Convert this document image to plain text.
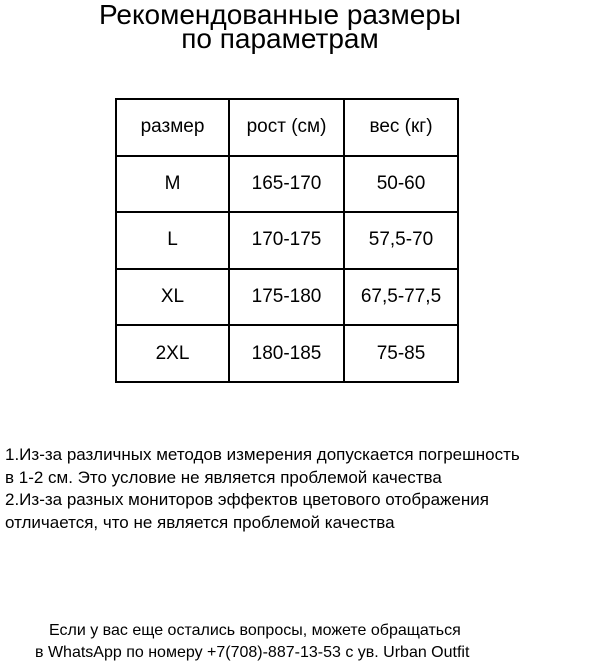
Рекомендованные размеры
по параметрам
размер	рост (см)	вес (кг)
M	165-170	50-60
L	170-175	57,5-70
XL	175-180	67,5-77,5
2XL	180-185	75-85

1.Из-за различных методов измерения допускается погрешность

в 1-2 см. Это условие не является проблемой качества

2.Из-за разных мониторов эффектов цветового отображения

отличается, что не является проблемой качества

Если у вас еще остались вопросы, можете обращаться

в WhatsApp по номеру +7(708)-887-13-53 с ув. Urban Outfit
